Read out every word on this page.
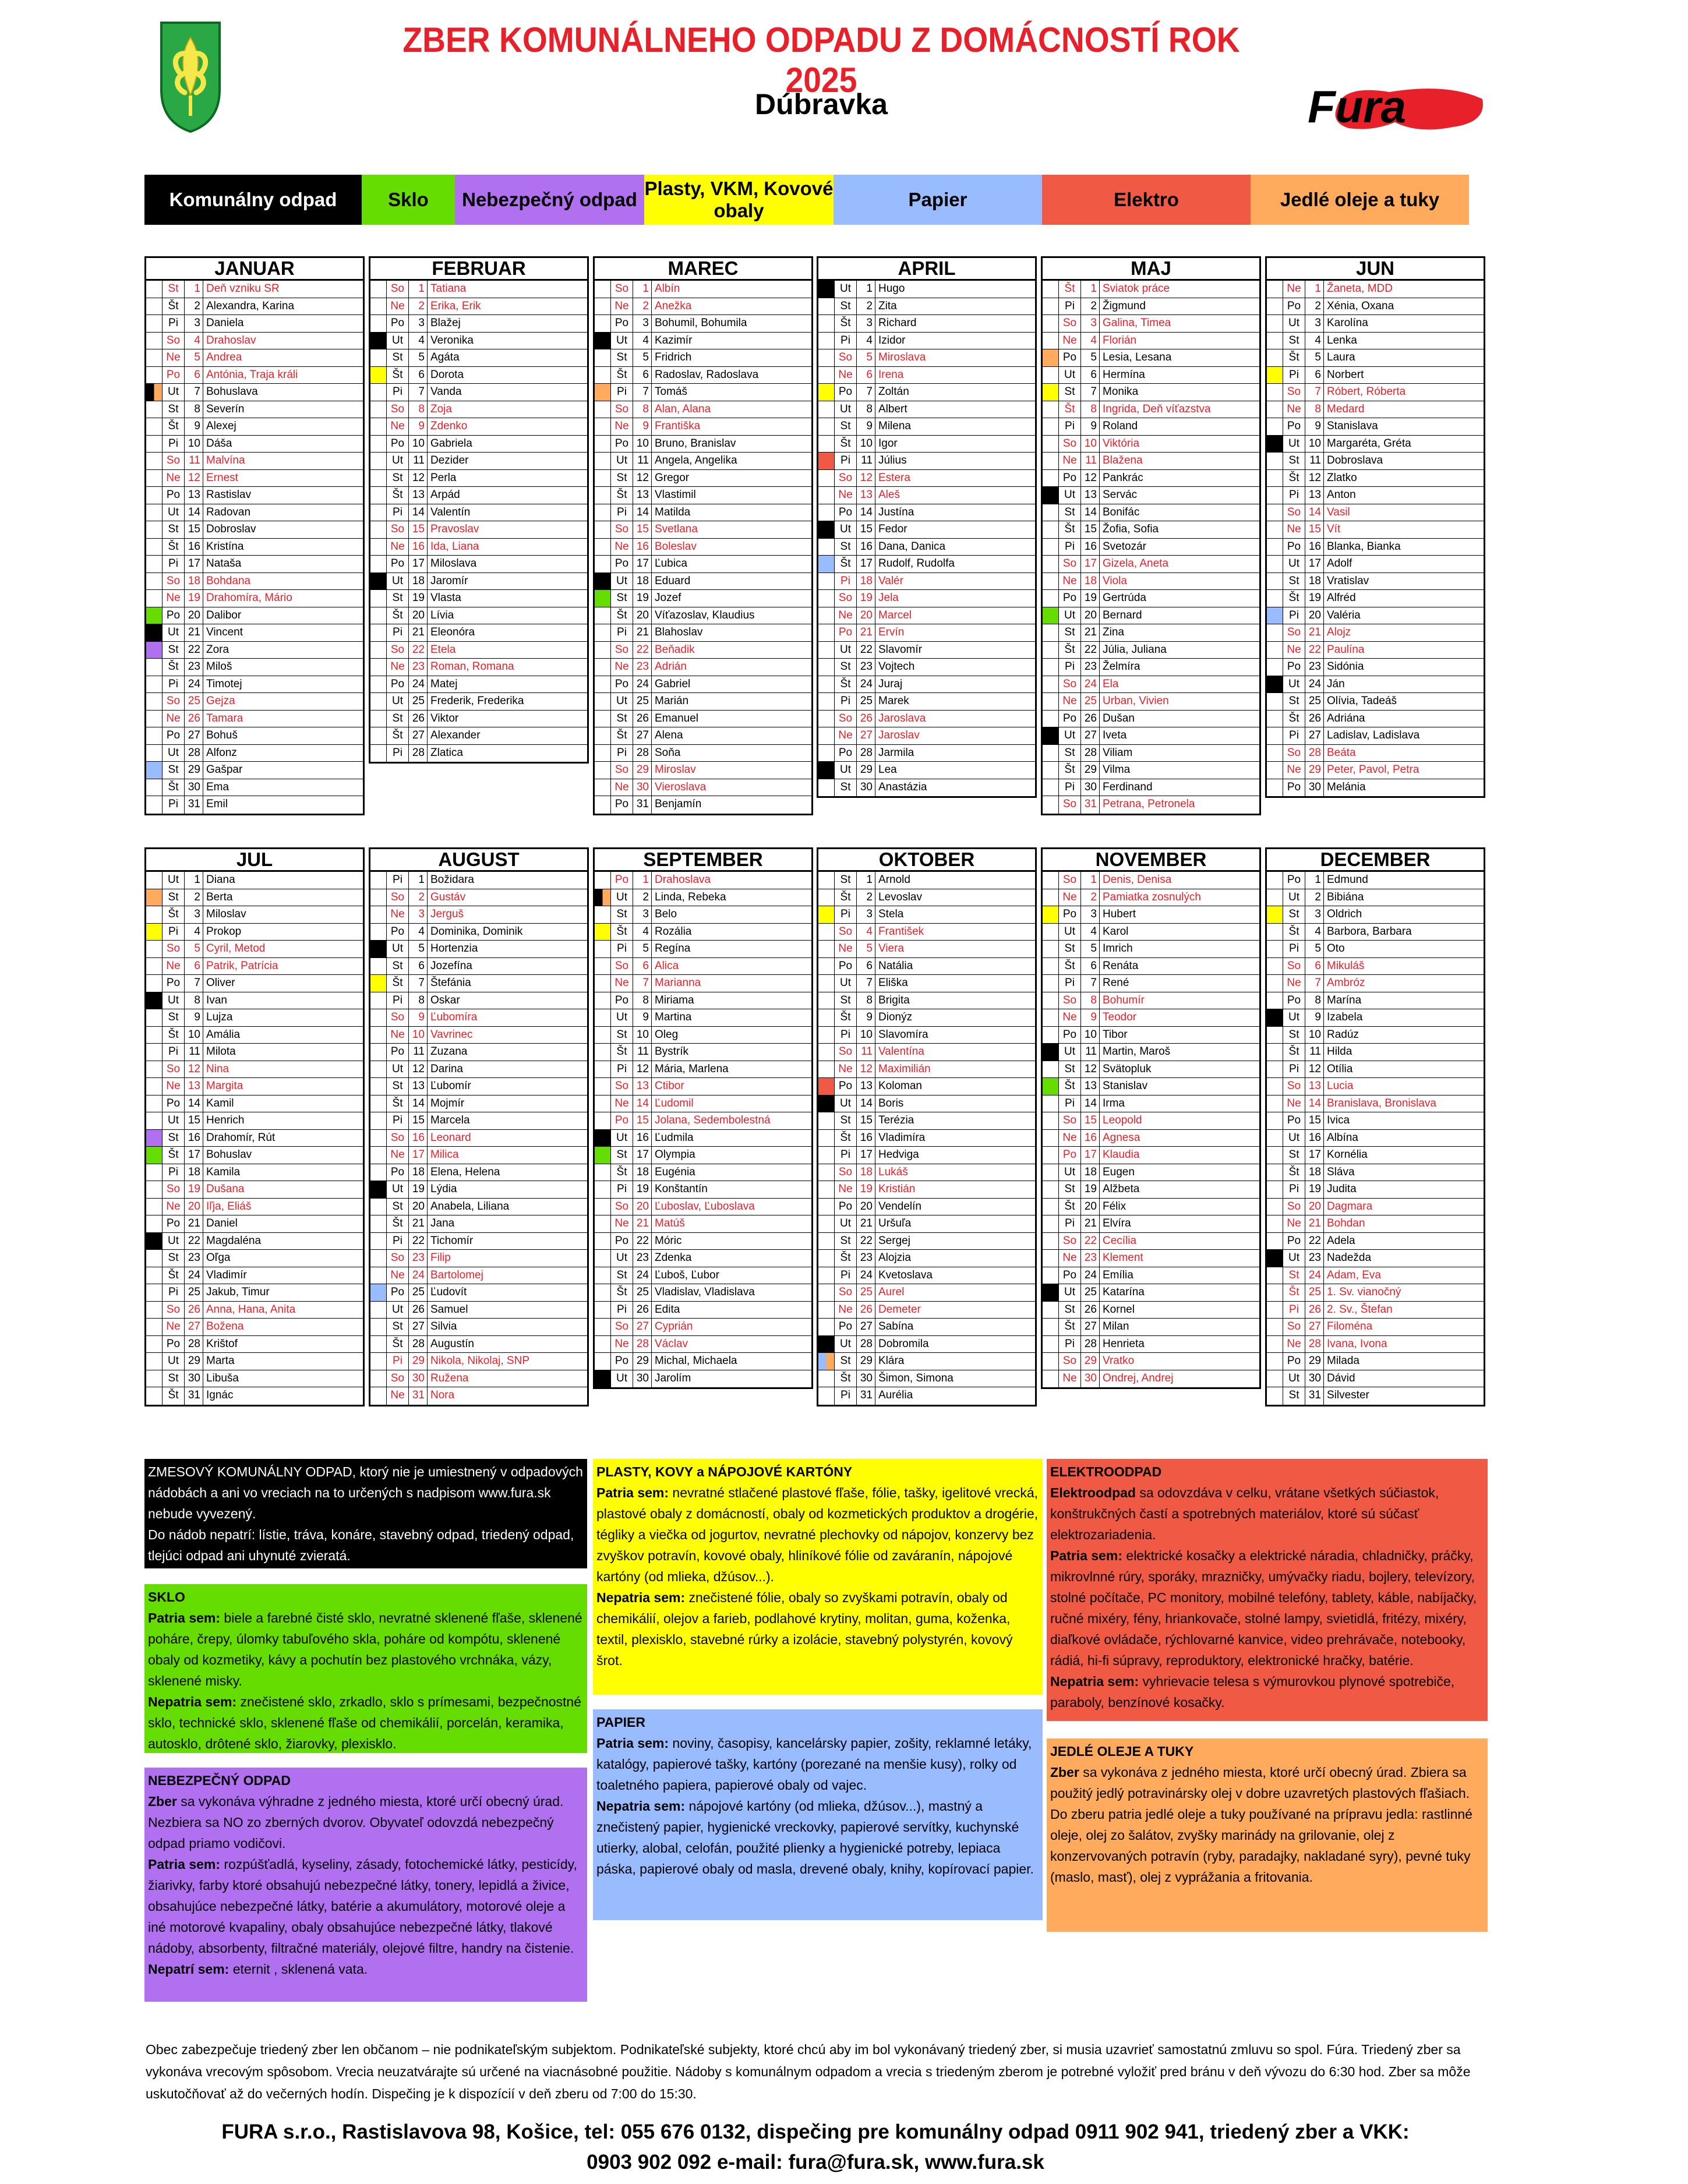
ZBER KOMUNÁLNEHO ODPADU Z DOMÁCNOSTÍ ROK 2025
Dúbravka	Fura
Komunálny odpad	Sklo	Nebezpečný odpad
Plasty, VKM, Kovové obaly
Papier	Elektro	Jedlé oleje a tuky
JANUAR
St	1 Deň vzniku SR
Št	2 Alexandra, Karina
Pi	3 Daniela
So	4 Drahoslav
Ne	5 Andrea
Po	6 Antónia, Traja králi
Ut	7 Bohuslava
St	8 Severín
Št	9 Alexej
Pi 10 Dáša
So 11 Malvína
Ne 12 Ernest
Po 13 Rastislav
Ut 14 Radovan
St 15 Dobroslav
Št 16 Kristína
Pi 17 Nataša
So 18 Bohdana
Ne 19 Drahomíra, Mário
Po 20 Dalibor
Ut 21 Vincent
St 22 Zora
Št 23 Miloš
Pi 24 Timotej
So 25 Gejza
Ne 26 Tamara
Po 27 Bohuš
Ut 28 Alfonz
St 29 Gašpar
Št 30 Ema
Pi 31 Emil
FEBRUAR
So	1 Tatiana
Ne	2 Erika, Erik
Po	3 Blažej
Ut	4 Veronika
St	5 Agáta
Št	6 Dorota
Pi	7 Vanda
So	8 Zoja
Ne	9 Zdenko
Po 10 Gabriela
Ut 11 Dezider
St 12 Perla
Št 13 Arpád
Pi 14 Valentín
So 15 Pravoslav
Ne 16 Ida, Liana
Po 17 Miloslava
Ut 18 Jaromír
St 19 Vlasta
Št 20 Lívia
Pi 21 Eleonóra
So 22 Etela
Ne 23 Roman, Romana
Po 24 Matej
Ut 25 Frederik, Frederika
St 26 Viktor
Št 27 Alexander
Pi 28 Zlatica
MAREC
So	1 Albín
Ne	2 Anežka
Po	3 Bohumil, Bohumila
Ut	4 Kazimír
St	5 Fridrich
Št	6 Radoslav, Radoslava
Pi	7 Tomáš
So	8 Alan, Alana
Ne	9 Františka
Po 10 Bruno, Branislav
Ut 11 Angela, Angelika
St 12 Gregor
Št 13 Vlastimil
Pi 14 Matilda
So 15 Svetlana
Ne 16 Boleslav
Po 17 Ľubica
Ut 18 Eduard
St 19 Jozef
Št 20 Víťazoslav, Klaudius
Pi 21 Blahoslav
So 22 Beňadik
Ne 23 Adrián
Po 24 Gabriel
Ut 25 Marián
St 26 Emanuel
Št 27 Alena
Pi 28 Soňa
So 29 Miroslav
Ne 30 Vieroslava
Po 31 Benjamín
APRIL
Ut	1 Hugo
St	2 Zita
Št	3 Richard
Pi	4 Izidor
So	5 Miroslava
Ne	6 Irena
Po	7 Zoltán
Ut	8 Albert
St	9 Milena
Št 10 Igor
Pi 11 Július
So 12 Estera
Ne 13 Aleš
Po 14 Justína
Ut 15 Fedor
St 16 Dana, Danica
Št 17 Rudolf, Rudolfa
Pi 18 Valér
So 19 Jela
Ne 20 Marcel
Po 21 Ervín
Ut 22 Slavomír
St 23 Vojtech
Št 24 Juraj
Pi 25 Marek
So 26 Jaroslava
Ne 27 Jaroslav
Po 28 Jarmila
Ut 29 Lea
St 30 Anastázia
MAJ
Št	1 Sviatok práce
Pi	2 Žigmund
So	3 Galina, Timea
Ne	4 Florián
Po	5 Lesia, Lesana
Ut	6 Hermína
St	7 Monika
Št	8 Ingrida, Deň víťazstva
Pi	9 Roland
So 10 Viktória
Ne 11 Blažena
Po 12 Pankrác
Ut 13 Servác
St 14 Bonifác
Št 15 Žofia, Sofia
Pi 16 Svetozár
So 17 Gizela, Aneta
Ne 18 Viola
Po 19 Gertrúda
Ut 20 Bernard
St 21 Zina
Št 22 Júlia, Juliana
Pi 23 Želmíra
So 24 Ela
Ne 25 Urban, Vivien
Po 26 Dušan
Ut 27 Iveta
St 28 Viliam
Št 29 Vilma
Pi 30 Ferdinand
So 31 Petrana, Petronela
JUN
Ne	1 Žaneta, MDD
Po	2 Xénia, Oxana
Ut	3 Karolína
St	4 Lenka
Št	5 Laura
Pi	6 Norbert
So	7 Róbert, Róberta
Ne	8 Medard
Po	9 Stanislava
Ut 10 Margaréta, Gréta
St 11 Dobroslava
Št 12 Zlatko
Pi 13 Anton
So 14 Vasil
Ne 15 Vít
Po 16 Blanka, Bianka
Ut 17 Adolf
St 18 Vratislav
Št 19 Alfréd
Pi 20 Valéria
So 21 Alojz
Ne 22 Paulína
Po 23 Sidónia
Ut 24 Ján
St 25 Olívia, Tadeáš
Št 26 Adriána
Pi 27 Ladislav, Ladislava
So 28 Beáta
Ne 29 Peter, Pavol, Petra
Po 30 Melánia
JUL
Ut	1 Diana
St	2 Berta
Št	3 Miloslav
Pi	4 Prokop
So	5 Cyril, Metod
Ne	6 Patrik, Patrícia
Po	7 Oliver
Ut	8 Ivan
St	9 Lujza
Št 10 Amália
Pi 11 Milota
So 12 Nina
Ne 13 Margita
Po 14 Kamil
Ut 15 Henrich
St 16 Drahomír, Rút
Št 17 Bohuslav
Pi 18 Kamila
So 19 Dušana
Ne 20 Iľja, Eliáš
Po 21 Daniel
Ut 22 Magdaléna
St 23 Oľga
Št 24 Vladimír
Pi 25 Jakub, Timur
So 26 Anna, Hana, Anita
Ne 27 Božena
Po 28 Krištof
Ut 29 Marta
St 30 Libuša
Št 31 Ignác
AUGUST
Pi	1 Božidara
So	2 Gustáv
Ne	3 Jerguš
Po	4 Dominika, Dominik
Ut	5 Hortenzia
St	6 Jozefína
Št	7 Štefánia
Pi	8 Oskar
So	9 Ľubomíra
Ne 10 Vavrinec
Po 11 Zuzana
Ut 12 Darina
St 13 Ľubomír
Št 14 Mojmír
Pi 15 Marcela
So 16 Leonard
Ne 17 Milica
Po 18 Elena, Helena
Ut 19 Lýdia
St 20 Anabela, Liliana
Št 21 Jana
Pi 22 Tichomír
So 23 Filip
Ne 24 Bartolomej
Po 25 Ľudovít
Ut 26 Samuel
St 27 Silvia
Št 28 Augustín
Pi 29 Nikola, Nikolaj, SNP
So 30 Ružena
Ne 31 Nora
SEPTEMBER
Po	1 Drahoslava
Ut	2 Linda, Rebeka
St	3 Belo
Št	4 Rozália
Pi	5 Regína
So	6 Alica
Ne	7 Marianna
Po	8 Miriama
Ut	9 Martina
St 10 Oleg
Št 11 Bystrík
Pi 12 Mária, Marlena
So 13 Ctibor
Ne 14 Ľudomil
Po 15 Jolana, Sedembolestná
Ut 16 Ľudmila
St 17 Olympia
Št 18 Eugénia
Pi 19 Konštantín
So 20 Ľuboslav, Ľuboslava
Ne 21 Matúš
Po 22 Móric
Ut 23 Zdenka
St 24 Ľuboš, Ľubor
Št 25 Vladislav, Vladislava
Pi 26 Edita
So 27 Cyprián
Ne 28 Václav
Po 29 Michal, Michaela
Ut 30 Jarolím
OKTOBER
St	1 Arnold
Št	2 Levoslav
Pi	3 Stela
So	4 František
Ne	5 Viera
Po	6 Natália
Ut	7 Eliška
St	8 Brigita
Št	9 Dionýz
Pi 10 Slavomíra
So 11 Valentína
Ne 12 Maximilián
Po 13 Koloman
Ut 14 Boris
St 15 Terézia
Št 16 Vladimíra
Pi 17 Hedviga
So 18 Lukáš
Ne 19 Kristián
Po 20 Vendelín
Ut 21 Uršuľa
St 22 Sergej
Št 23 Alojzia
Pi 24 Kvetoslava
So 25 Aurel
Ne 26 Demeter
Po 27 Sabína
Ut 28 Dobromila
St 29 Klára
Št 30 Šimon, Simona
Pi 31 Aurélia
NOVEMBER
So	1 Denis, Denisa
Ne	2 Pamiatka zosnulých
Po	3 Hubert
Ut	4 Karol
St	5 Imrich
Št	6 Renáta
Pi	7 René
So	8 Bohumír
Ne	9 Teodor
Po 10 Tibor
Ut 11 Martin, Maroš
St 12 Svätopluk
Št 13 Stanislav
Pi 14 Irma
So 15 Leopold
Ne 16 Agnesa
Po 17 Klaudia
Ut 18 Eugen
St 19 Alžbeta
Št 20 Félix
Pi 21 Elvíra
So 22 Cecília
Ne 23 Klement
Po 24 Emília
Ut 25 Katarína
St 26 Kornel
Št 27 Milan
Pi 28 Henrieta
So 29 Vratko
Ne 30 Ondrej, Andrej
DECEMBER
Po	1 Edmund
Ut	2 Bibiána
St	3 Oldrich
Št	4 Barbora, Barbara
Pi	5 Oto
So	6 Mikuláš
Ne	7 Ambróz
Po	8 Marína
Ut	9 Izabela
St 10 Radúz
Št 11 Hilda
Pi 12 Otília
So 13 Lucia
Ne 14 Branislava, Bronislava
Po 15 Ivica
Ut 16 Albína
St 17 Kornélia
Št 18 Sláva
Pi 19 Judita
So 20 Dagmara
Ne 21 Bohdan
Po 22 Adela
Ut 23 Nadežda
St 24 Adam, Eva
Št 25 1. Sv. vianočný
Pi 26 2. Sv., Štefan
So 27 Filoména
Ne 28 Ivana, Ivona
Po 29 Milada
Ut 30 Dávid
St 31 Silvester
ZMESOVÝ KOMUNÁLNY ODPAD, ktorý nie je umiestnený v odpadových nádobách a ani vo vreciach na to určených s nadpisom www.fura.sk nebude vyvezený.
Do nádob nepatrí: lístie, tráva, konáre, stavebný odpad, triedený odpad, tlejúci odpad ani uhynuté zvieratá.
SKLO
Patria sem: biele a farebné čisté sklo, nevratné sklenené fľaše, sklenené poháre, črepy, úlomky tabuľového skla, poháre od kompótu, sklenené obaly od kozmetiky, kávy a pochutín bez plastového vrchnáka, vázy, sklenené misky.
Nepatria sem: znečistené sklo, zrkadlo, sklo s prímesami, bezpečnostné sklo, technické sklo, sklenené fľaše od chemikálií, porcelán, keramika, autosklo, drôtené sklo, žiarovky, plexisklo.
NEBEZPEČNÝ ODPAD
Zber sa vykonáva výhradne z jedného miesta, ktoré určí obecný úrad. Nezbiera sa NO zo zberných dvorov. Obyvateľ odovzdá nebezpečný odpad priamo vodičovi.
Patria sem: rozpúšťadlá, kyseliny, zásady, fotochemické látky, pesticídy, žiarivky, farby ktoré obsahujú nebezpečné látky, tonery, lepidlá a živice, obsahujúce nebezpečné látky, batérie a akumulátory, motorové oleje a iné motorové kvapaliny, obaly obsahujúce nebezpečné látky, tlakové nádoby, absorbenty, filtračné materiály, olejové filtre, handry na čistenie.
Nepatrí sem: eternit , sklenená vata.
PLASTY, KOVY a NÁPOJOVÉ KARTÓNY
Patria sem: nevratné stlačené plastové fľaše, fólie, tašky, igelitové vrecká, plastové obaly z domácností, obaly od kozmetických produktov a drogérie, tégliky a viečka od jogurtov, nevratné plechovky od nápojov, konzervy bez zvyškov potravín, kovové obaly, hliníkové fólie od zaváranín, nápojové kartóny (od mlieka, džúsov...).
Nepatria sem: znečistené fólie, obaly so zvyškami potravín, obaly od chemikálií, olejov a farieb, podlahové krytiny, molitan, guma, koženka, textil, plexisklo, stavebné rúrky a izolácie, stavebný polystyrén, kovový šrot.
PAPIER
Patria sem: noviny, časopisy, kancelársky papier, zošity, reklamné letáky, katalógy, papierové tašky, kartóny (porezané na menšie kusy), rolky od toaletného papiera, papierové obaly od vajec.
Nepatria sem: nápojové kartóny (od mlieka, džúsov...), mastný a znečistený papier, hygienické vreckovky, papierové servítky, kuchynské utierky, alobal, celofán, použité plienky a hygienické potreby, lepiaca páska, papierové obaly od masla, drevené obaly, knihy, kopírovací papier.
ELEKTROODPAD
Elektroodpad sa odovzdáva v celku, vrátane všetkých súčiastok, konštrukčných častí a spotrebných materiálov, ktoré sú súčasť elektrozariadenia.
Patria sem: elektrické kosačky a elektrické náradia, chladničky, práčky, mikrovlnné rúry, sporáky, mrazničky, umývačky riadu, bojlery, televízory, stolné počítače, PC monitory, mobilné telefóny, tablety, káble, nabíjačky, ručné mixéry, fény, hriankovače, stolné lampy, svietidlá, fritézy, mixéry, diaľkové ovládače, rýchlovarné kanvice, video prehrávače, notebooky, rádiá, hi-fi súpravy, reproduktory, elektronické hračky, batérie.
Nepatria sem: vyhrievacie telesa s výmurovkou plynové spotrebiče, paraboly, benzínové kosačky.
JEDLÉ OLEJE A TUKY
Zber sa vykonáva z jedného miesta, ktoré určí obecný úrad. Zbiera sa použitý jedlý potravinársky olej v dobre uzavretých plastových fľašiach.
Do zberu patria jedlé oleje a tuky používané na prípravu jedla: rastlinné oleje, olej zo šalátov, zvyšky marinády na grilovanie, olej z konzervovaných potravín (ryby, paradajky, nakladané syry), pevné tuky (maslo, masť), olej z vyprážania a fritovania.
Obec zabezpečuje triedený zber len občanom – nie podnikateľským subjektom. Podnikateľské subjekty, ktoré chcú aby im bol vykonávaný triedený zber, si musia uzavrieť samostatnú zmluvu so spol. Fúra. Triedený zber sa vykonáva vrecovým spôsobom. Vrecia neuzatvárajte sú určené na viacnásobné použitie. Nádoby s komunálnym odpadom a vrecia s triedeným zberom je potrebné vyložiť pred bránu v deň vývozu do 6:30 hod. Zber sa môže uskutočňovať až do večerných hodín. Dispečing je k dispozícií v deň zberu od 7:00 do 15:30.
FURA s.r.o., Rastislavova 98, Košice, tel: 055 676 0132, dispečing pre komunálny odpad 0911 902 941, triedený zber a VKK:
0903 902 092 e-mail: fura@fura.sk, www.fura.sk
